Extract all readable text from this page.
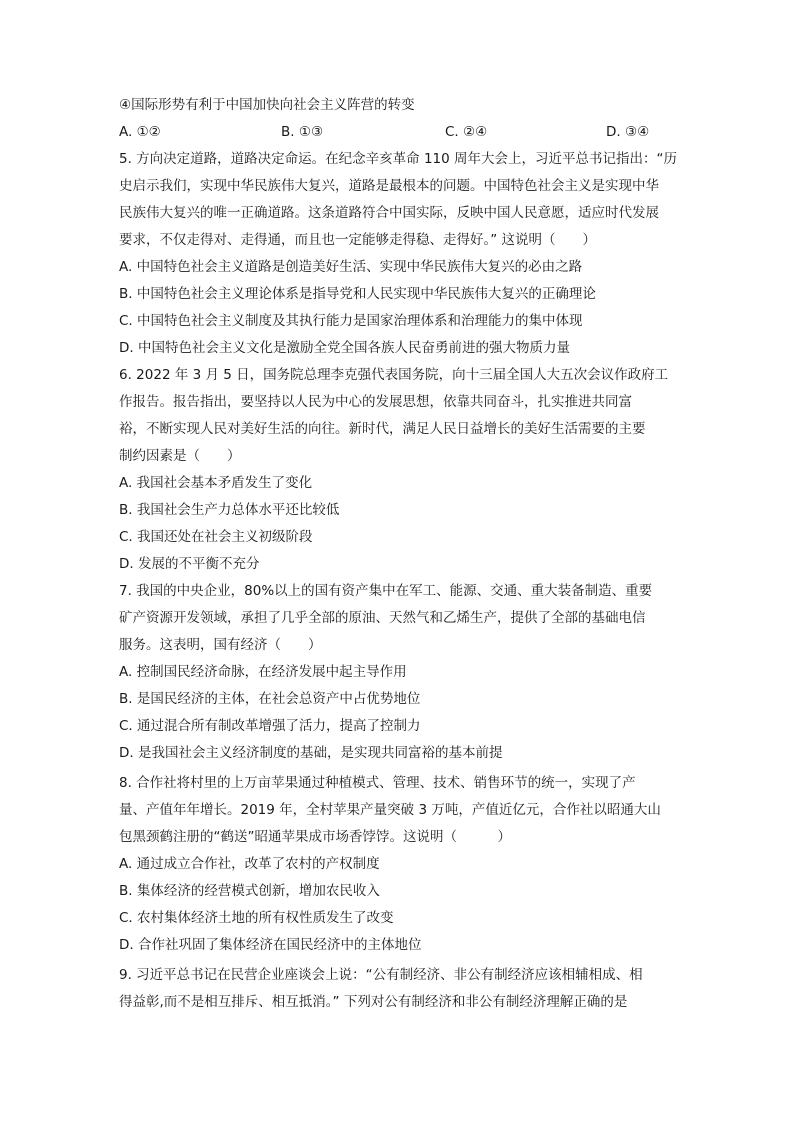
④国际形势有利于中国加快向社会主义阵营的转变
A. ①②	B. ①③	C. ②④	D. ③④
5. 方向决定道路，道路决定命运。在纪念辛亥革命 110 周年大会上，习近平总书记指出：“历
史启示我们，实现中华民族伟大复兴，道路是最根本的问题。中国特色社会主义是实现中华
民族伟大复兴的唯一正确道路。这条道路符合中国实际，反映中国人民意愿，适应时代发展
要求，不仅走得对、走得通，而且也一定能够走得稳、走得好。” 这说明（　　）
A. 中国特色社会主义道路是创造美好生活、实现中华民族伟大复兴的必由之路
B. 中国特色社会主义理论体系是指导党和人民实现中华民族伟大复兴的正确理论
C. 中国特色社会主义制度及其执行能力是国家治理体系和治理能力的集中体现
D. 中国特色社会主义文化是激励全党全国各族人民奋勇前进的强大物质力量
6. 2022 年 3 月 5 日，国务院总理李克强代表国务院，向十三届全国人大五次会议作政府工
作报告。报告指出，要坚持以人民为中心的发展思想，依靠共同奋斗，扎实推进共同富
裕，不断实现人民对美好生活的向往。新时代，满足人民日益增长的美好生活需要的主要
制约因素是（　　）
A. 我国社会基本矛盾发生了变化
B. 我国社会生产力总体水平还比较低
C. 我国还处在社会主义初级阶段
D. 发展的不平衡不充分
7. 我国的中央企业，80%以上的国有资产集中在军工、能源、交通、重大装备制造、重要
矿产资源开发领域，承担了几乎全部的原油、天然气和乙烯生产，提供了全部的基础电信
服务。这表明，国有经济（　　）
A. 控制国民经济命脉，在经济发展中起主导作用
B. 是国民经济的主体，在社会总资产中占优势地位
C. 通过混合所有制改革增强了活力，提高了控制力
D. 是我国社会主义经济制度的基础，是实现共同富裕的基本前提
8. 合作社将村里的上万亩苹果通过种植模式、管理、技术、销售环节的统一，实现了产
量、产值年年增长。2019 年，全村苹果产量突破 3 万吨，产值近亿元，合作社以昭通大山
包黑颈鹤注册的“鹤送”昭通苹果成市场香饽饽。这说明（　　　）
A. 通过成立合作社，改革了农村的产权制度
B. 集体经济的经营模式创新，增加农民收入
C. 农村集体经济土地的所有权性质发生了改变
D. 合作社巩固了集体经济在国民经济中的主体地位
9. 习近平总书记在民营企业座谈会上说：“公有制经济、非公有制经济应该相辅相成、相
得益彰,而不是相互排斥、相互抵消。” 下列对公有制经济和非公有制经济理解正确的是
